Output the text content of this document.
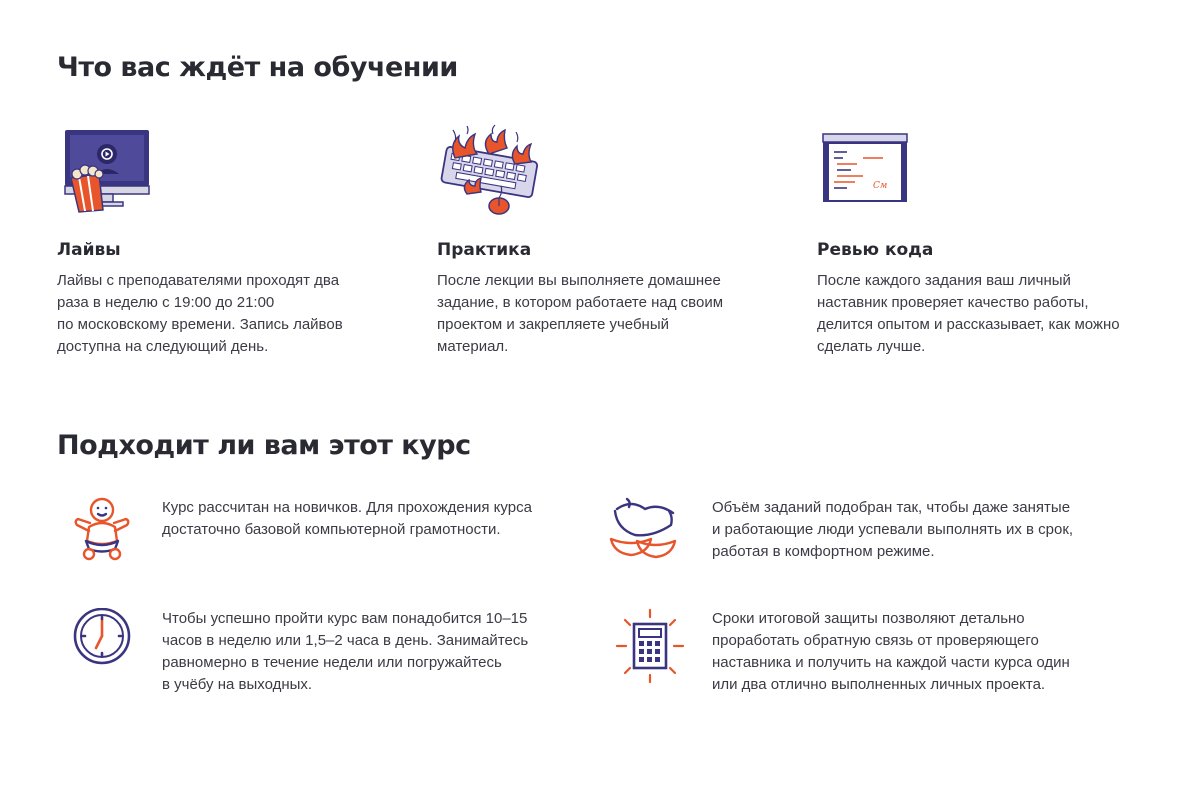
Что вас ждёт на обучении
Лайвы

Лайвы с преподавателями проходят два
раза в неделю с 19:00 до 21:00
по московскому времени. Запись лайвов
доступна на следующий день.

Практика

После лекции вы выполняете домашнее
задание, в котором работаете над своим
проектом и закрепляете учебный
материал.

Cм
Ревью кода

После каждого задания ваш личный
наставник проверяет качество работы,
делится опытом и рассказывает, как можно
сделать лучше.

Подходит ли вам этот курс

Курс рассчитан на новичков. Для прохождения курса
достаточно базовой компьютерной грамотности.

Объём заданий подобран так, чтобы даже занятые
и работающие люди успевали выполнять их в срок,
работая в комфортном режиме.

Чтобы успешно пройти курс вам понадобится 10–15
часов в неделю или 1,5–2 часа в день. Занимайтесь
равномерно в течение недели или погружайтесь
в учёбу на выходных.

Сроки итоговой защиты позволяют детально
проработать обратную связь от проверяющего
наставника и получить на каждой части курса один
или два отлично выполненных личных проекта.
